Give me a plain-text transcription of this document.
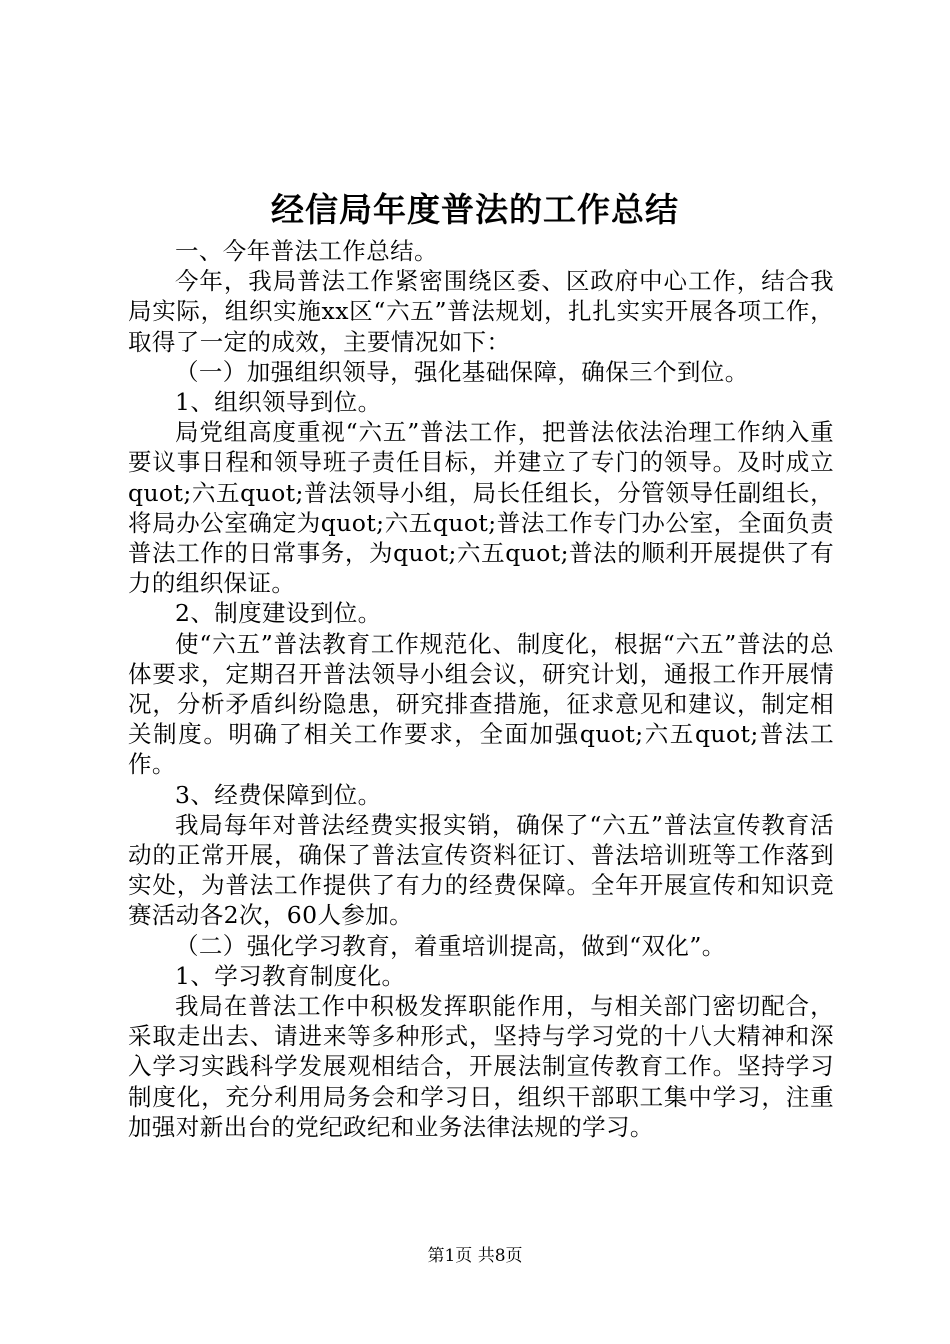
经信局年度普法的工作总结

一、今年普法工作总结。

今年，我局普法工作紧密围绕区委、区政府中心工作，结合我局实际，组织实施xx区“六五”普法规划，扎扎实实开展各项工作，取得了一定的成效，主要情况如下：

（一）加强组织领导，强化基础保障，确保三个到位。

1、组织领导到位。

局党组高度重视“六五”普法工作，把普法依法治理工作纳入重要议事日程和领导班子责任目标，并建立了专门的领导。及时成立quot;六五quot;普法领导小组，局长任组长，分管领导任副组长，将局办公室确定为quot;六五quot;普法工作专门办公室，全面负责普法工作的日常事务，为quot;六五quot;普法的顺利开展提供了有力的组织保证。

2、制度建设到位。

使“六五”普法教育工作规范化、制度化，根据“六五”普法的总体要求，定期召开普法领导小组会议，研究计划，通报工作开展情况，分析矛盾纠纷隐患，研究排查措施，征求意见和建议，制定相关制度。明确了相关工作要求，全面加强quot;六五quot;普法工作。

3、经费保障到位。

我局每年对普法经费实报实销，确保了“六五”普法宣传教育活动的正常开展，确保了普法宣传资料征订、普法培训班等工作落到实处，为普法工作提供了有力的经费保障。全年开展宣传和知识竞赛活动各2次，60人参加。

（二）强化学习教育，着重培训提高，做到“双化”。

1、学习教育制度化。

我局在普法工作中积极发挥职能作用，与相关部门密切配合，采取走出去、请进来等多种形式，坚持与学习党的十八大精神和深入学习实践科学发展观相结合，开展法制宣传教育工作。坚持学习制度化，充分利用局务会和学习日，组织干部职工集中学习，注重加强对新出台的党纪政纪和业务法律法规的学习。

第1页 共8页
